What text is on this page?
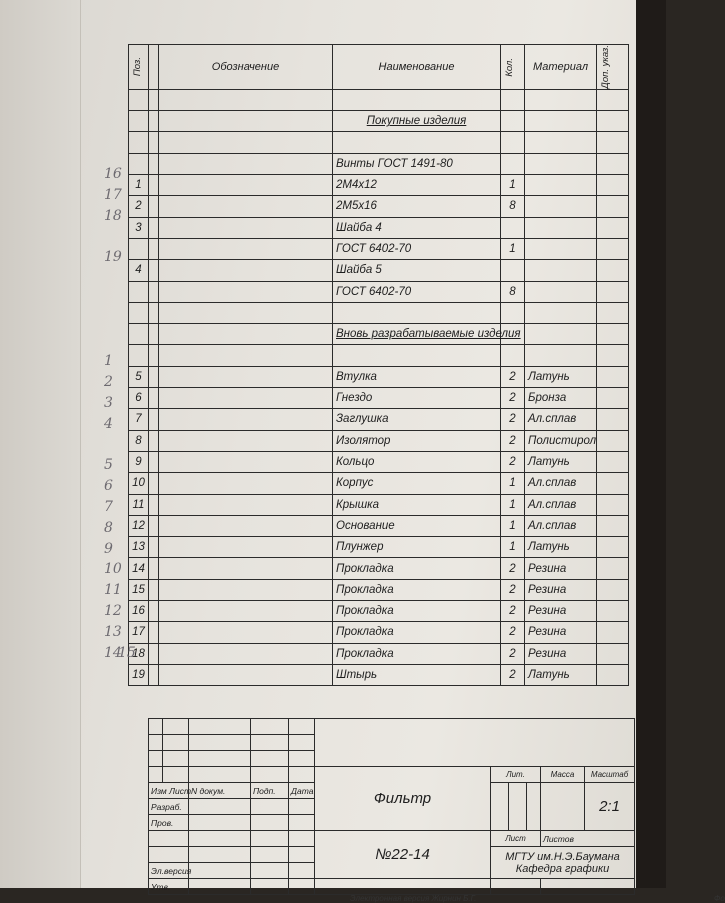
Поз.		Обозначение	Наименование	Кол.	Материал	Доп. указ.

			Покупные изделия			

			Винты ГОСТ 1491-80			
1			2M4x12	1		
2			2M5x16	8		
3			Шайба 4			
			ГОСТ 6402-70	1		
4			Шайба 5			
			ГОСТ 6402-70	8		

			Вновь разрабатываемые изделия			

5			Втулка	2	Латунь	
6			Гнездо	2	Бронза	
7			Заглушка	2	Ал.сплав	
8			Изолятор	2	Полистирол	
9			Кольцо	2	Латунь	
10			Корпус	1	Ал.сплав	
11			Крышка	1	Ал.сплав	
12			Основание	1	Ал.сплав	
13			Плунжер	1	Латунь	
14			Прокладка	2	Резина	
15			Прокладка	2	Резина	
16			Прокладка	2	Резина	
17			Прокладка	2	Резина	
18			Прокладка	2	Резина	
19			Штырь	2	Латунь	
16
17
18
19
1
2
3
4
5
6
7
8
9
10
11
12
13
14
15

					Фильтр	Лит.			Масса	Масштаб
Изм Лист		N докум.	Подп.	Дата						2:1
Разраб.										
Пров.										
					№22-14	Лист			Листов	

						МГТУ им.Н.Э.Баумана
Кафедра графики				

Эл.версия										
Утв.										
Электронная версия Жирнин Б.Г.	Фо
